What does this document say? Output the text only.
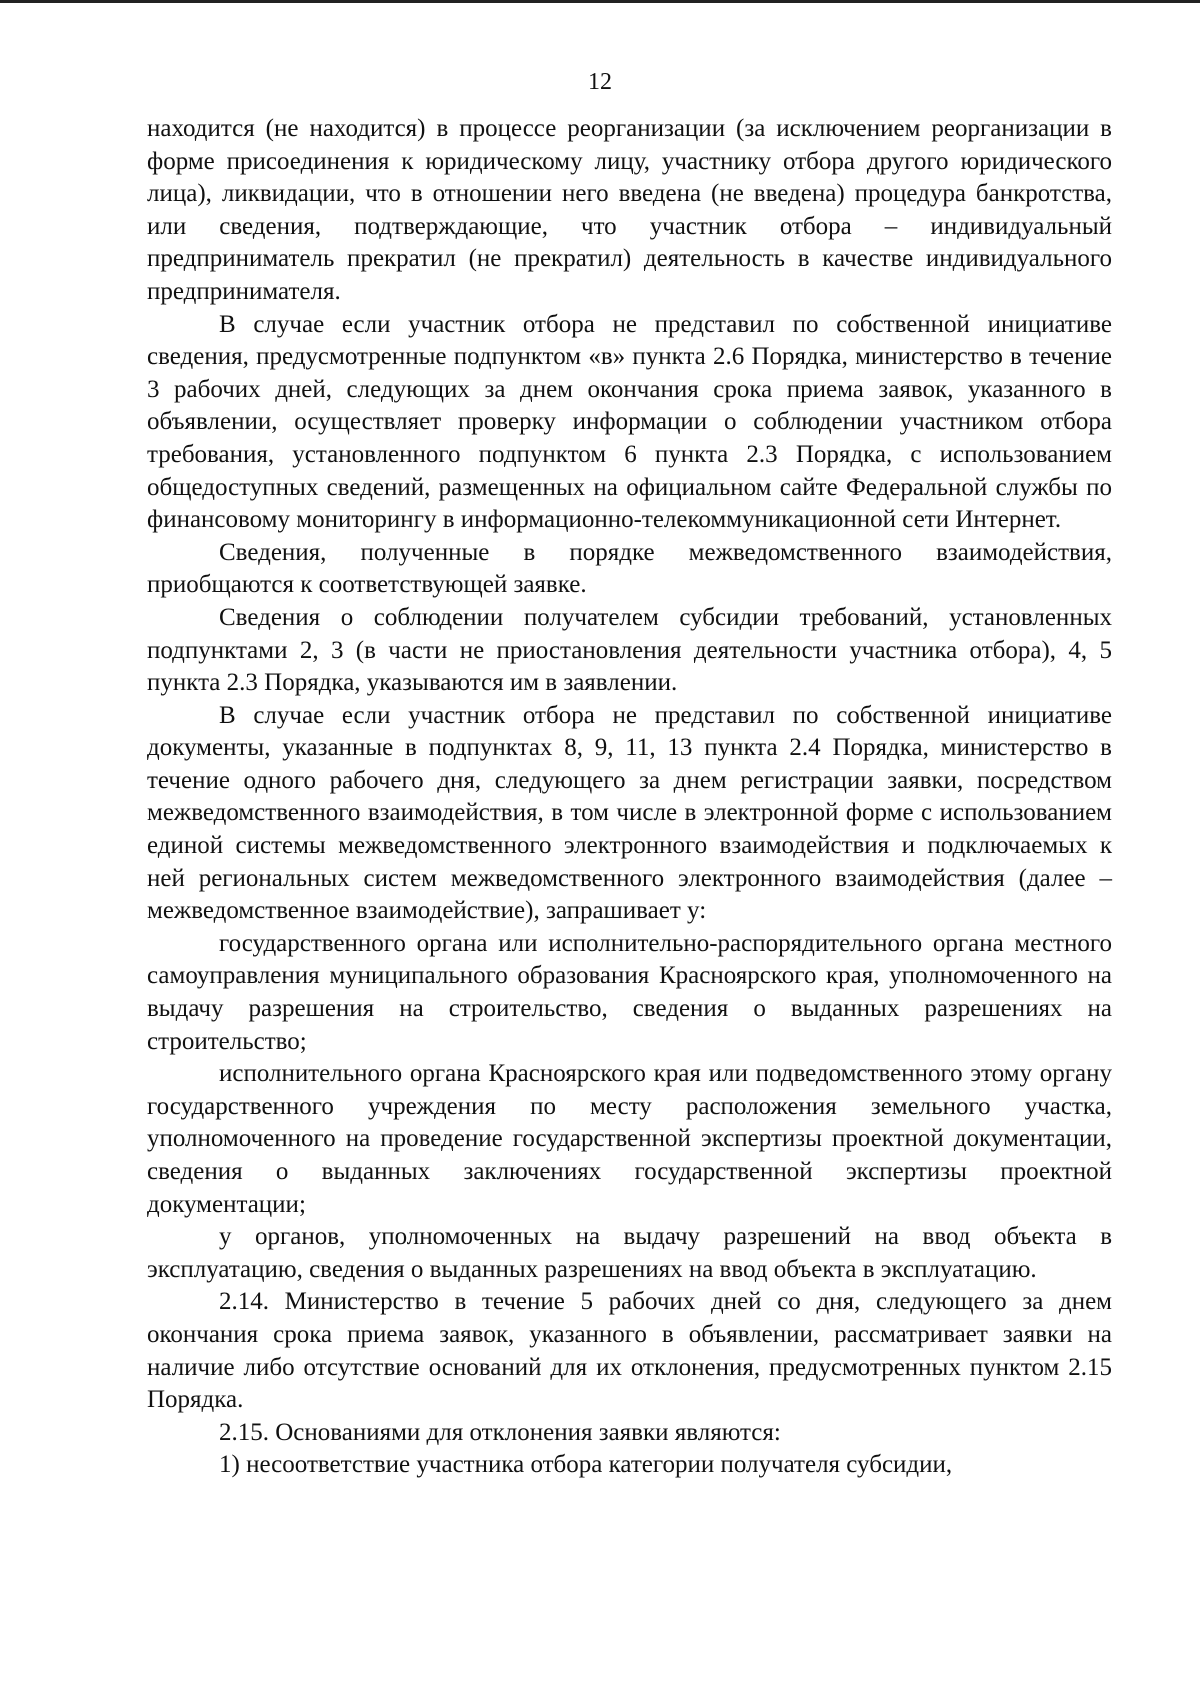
12

находится (не находится) в процессе реорганизации (за исключением реорганизации в форме присоединения к юридическому лицу, участнику отбора другого юридического лица), ликвидации, что в отношении него введена (не введена) процедура банкротства, или сведения, подтверждающие, что участник отбора – индивидуальный предприниматель прекратил (не прекратил) деятельность в качестве индивидуального предпринимателя.

В случае если участник отбора не представил по собственной инициативе сведения, предусмотренные подпунктом «в» пункта 2.6 Порядка, министерство в течение 3 рабочих дней, следующих за днем окончания срока приема заявок, указанного в объявлении, осуществляет проверку информации о соблюдении участником отбора требования, установленного подпунктом 6 пункта 2.3 Порядка, с использованием общедоступных сведений, размещенных на официальном сайте Федеральной службы по финансовому мониторингу в информационно-телекоммуникационной сети Интернет.

Сведения, полученные в порядке межведомственного взаимодействия, приобщаются к соответствующей заявке.

Сведения о соблюдении получателем субсидии требований, установленных подпунктами 2, 3 (в части не приостановления деятельности участника отбора), 4, 5 пункта 2.3 Порядка, указываются им в заявлении.

В случае если участник отбора не представил по собственной инициативе документы, указанные в подпунктах 8, 9, 11, 13 пункта 2.4 Порядка, министерство в течение одного рабочего дня, следующего за днем регистрации заявки, посредством межведомственного взаимодействия, в том числе в электронной форме с использованием единой системы межведомственного электронного взаимодействия и подключаемых к ней региональных систем межведомственного электронного взаимодействия (далее – межведомственное взаимодействие), запрашивает у:

государственного органа или исполнительно-распорядительного органа местного самоуправления муниципального образования Красноярского края, уполномоченного на выдачу разрешения на строительство, сведения о выданных разрешениях на строительство;

исполнительного органа Красноярского края или подведомственного этому органу государственного учреждения по месту расположения земельного участка, уполномоченного на проведение государственной экспертизы проектной документации, сведения о выданных заключениях государственной экспертизы проектной документации;

у органов, уполномоченных на выдачу разрешений на ввод объекта в эксплуатацию, сведения о выданных разрешениях на ввод объекта в эксплуатацию.

2.14. Министерство в течение 5 рабочих дней со дня, следующего за днем окончания срока приема заявок, указанного в объявлении, рассматривает заявки на наличие либо отсутствие оснований для их отклонения, предусмотренных пунктом 2.15 Порядка.

2.15. Основаниями для отклонения заявки являются:

1) несоответствие участника отбора категории получателя субсидии,
